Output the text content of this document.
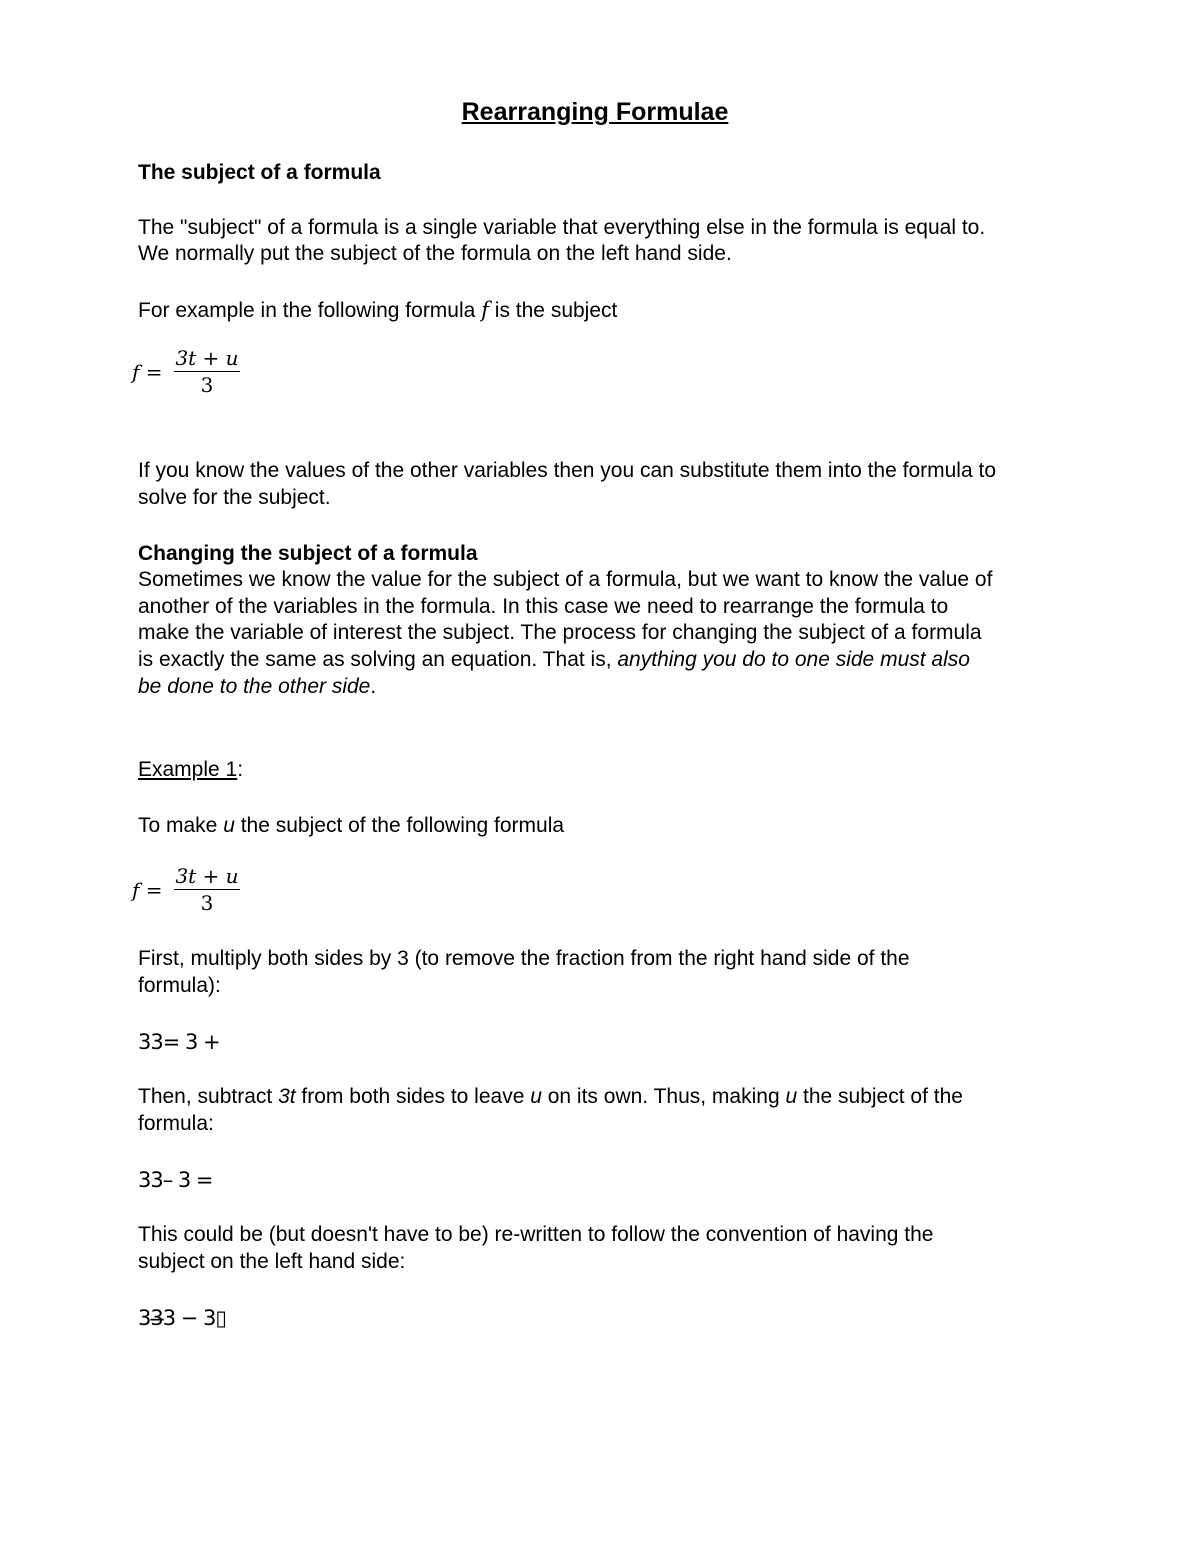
Rearranging Formulae
The subject of a formula
The "subject" of a formula is a single variable that everything else in the formula is equal to.
We normally put the subject of the formula on the left hand side.
For example in the following formula f is the subject
f =
3t + u
3
If you know the values of the other variables then you can substitute them into the formula to
solve for the subject.
Changing the subject of a formula
Sometimes we know the value for the subject of a formula, but we want to know the value of
another of the variables in the formula. In this case we need to rearrange the formula to
make the variable of interest the subject. The process for changing the subject of a formula
is exactly the same as solving an equation. That is, anything you do to one side must also
be done to the other side.
Example 1:
To make u the subject of the following formula
f =
3t + u
3
First, multiply both sides by 3 (to remove the fraction from the right hand side of the
formula):
33= 3 +
Then, subtract 3t from both sides to leave u on its own. Thus, making u the subject of the
formula:
33– 3 =
This could be (but doesn't have to be) re-written to follow the convention of having the
subject on the left hand side:
33̶3 − 3▯
